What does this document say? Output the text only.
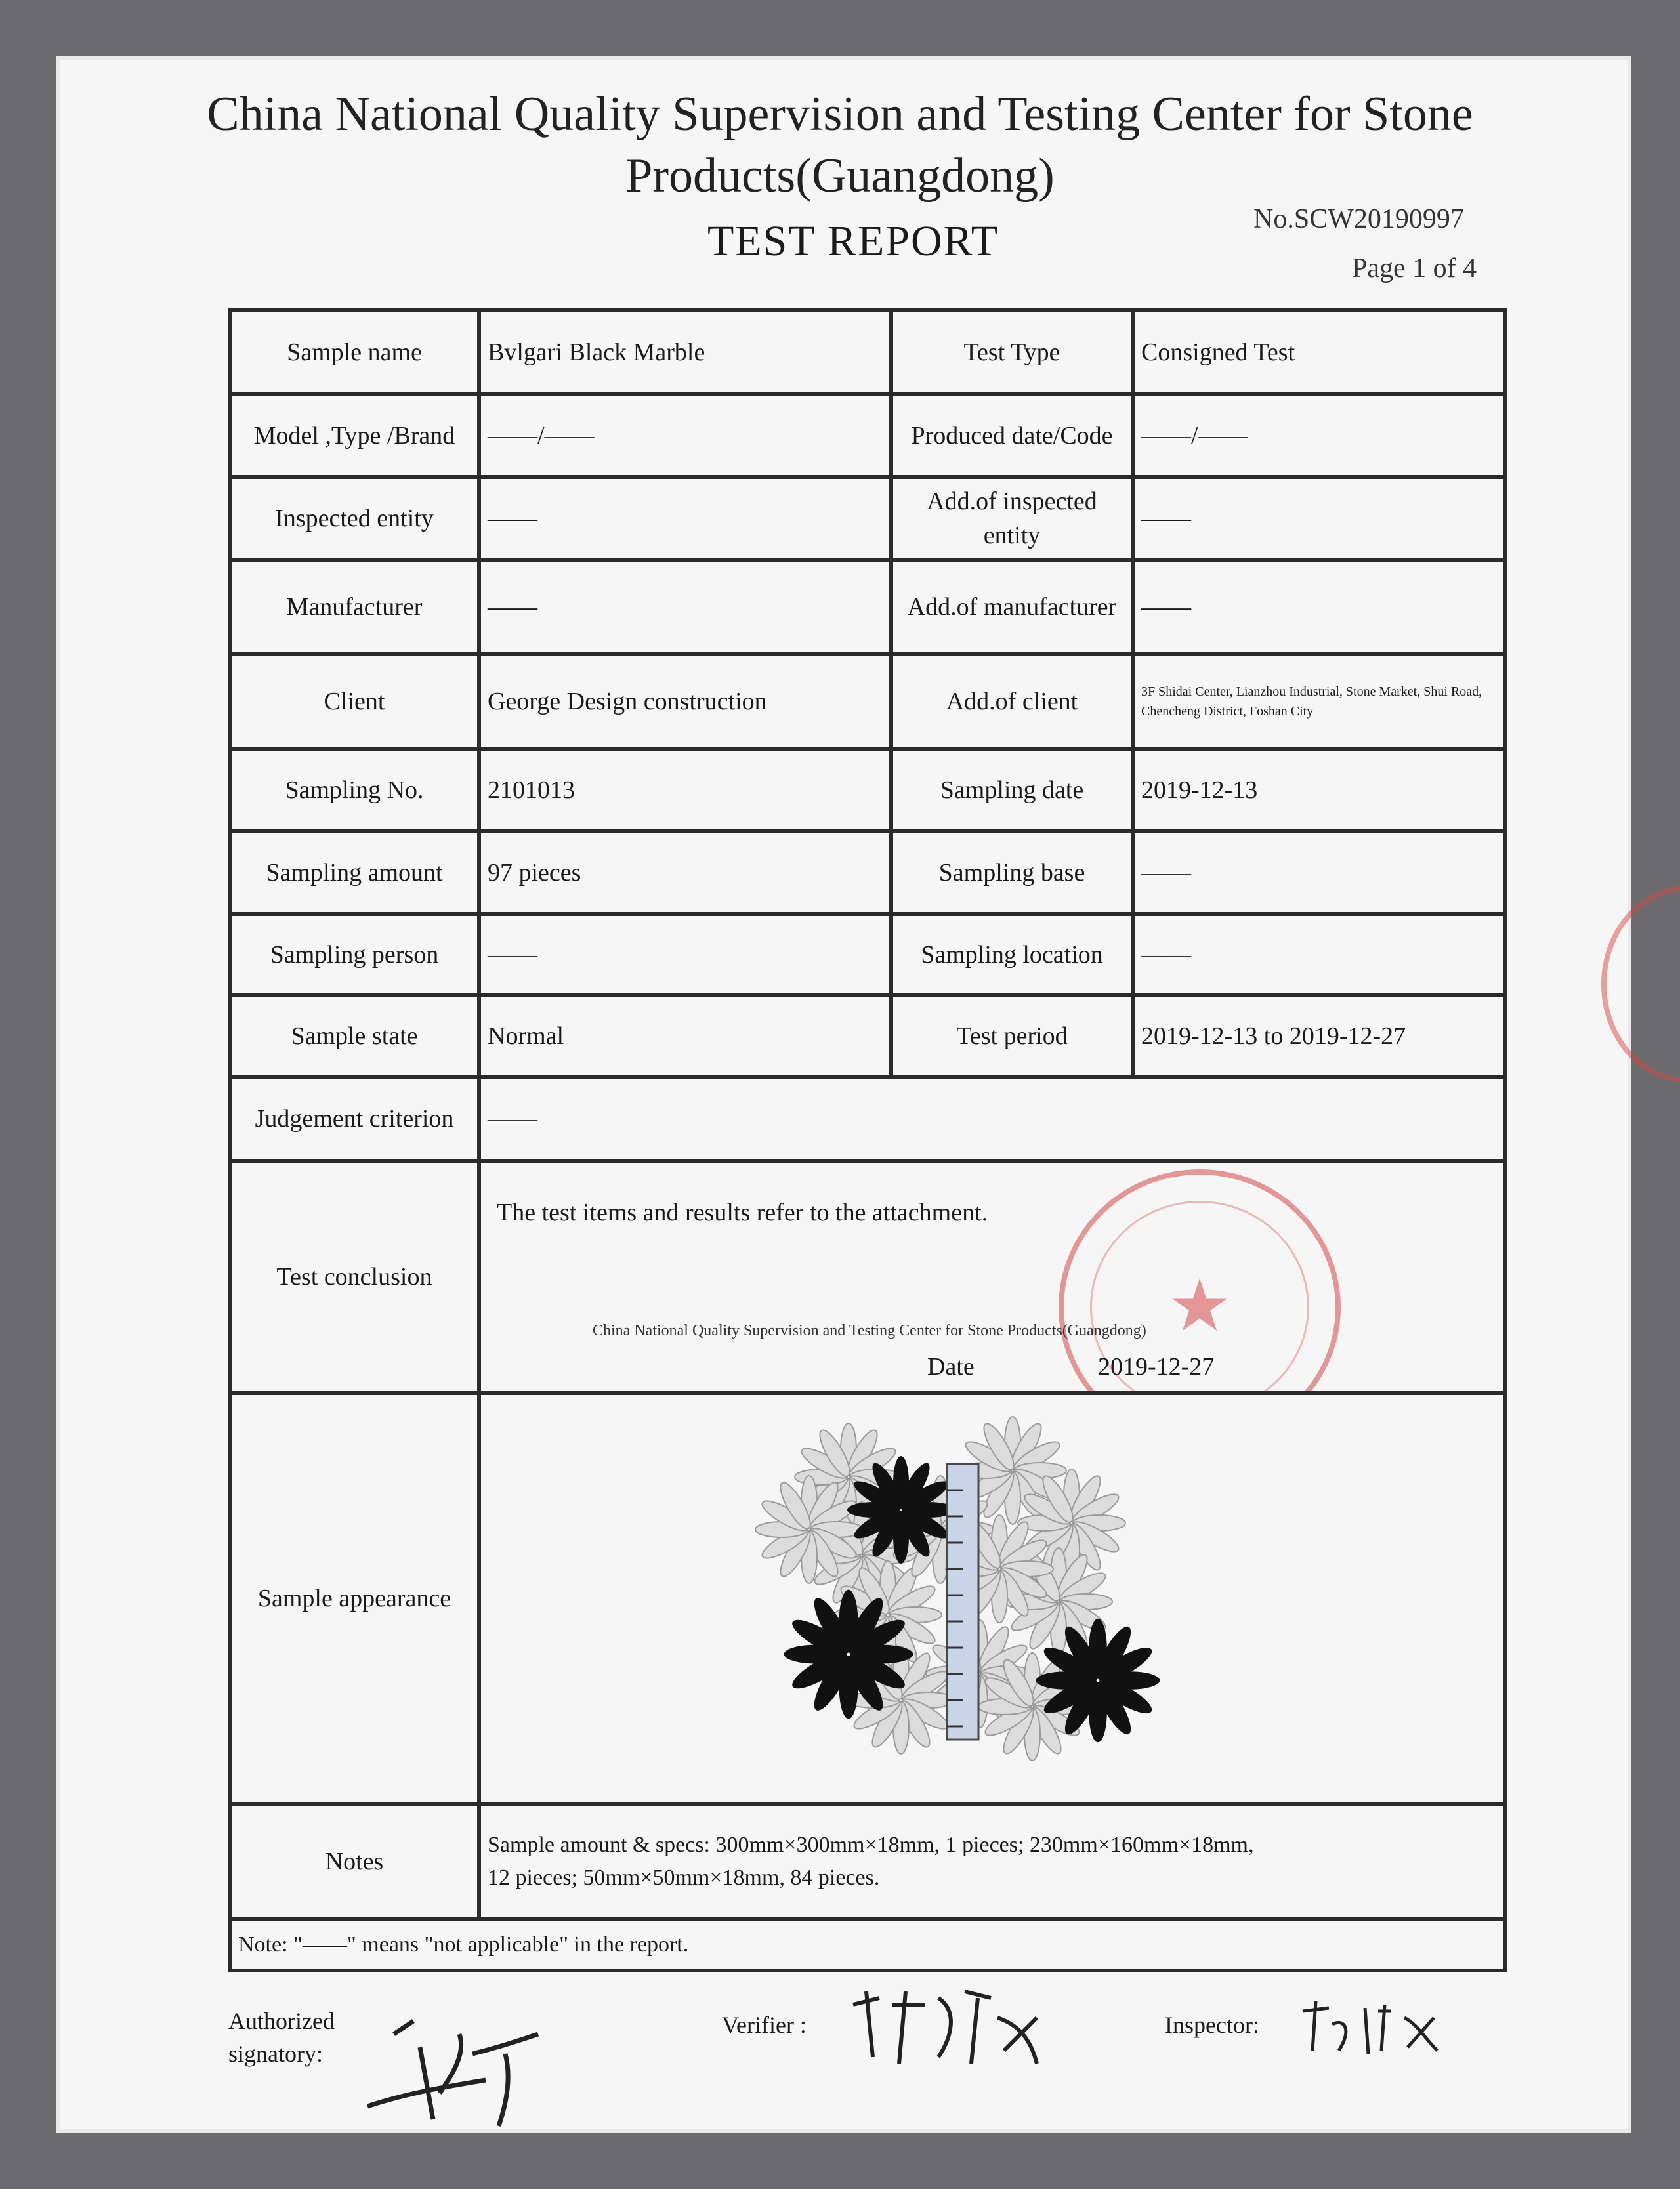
China National Quality Supervision and Testing Center for Stone
Products(Guangdong)
TEST REPORT	No.SCW20190997
Page 1 of 4
Sample name	Bvlgari Black Marble	Test Type	Consigned Test
Model ,Type /Brand	——/——	Produced date/Code	——/——
Inspected entity	——	Add.of inspected entity	——
Manufacturer	——	Add.of manufacturer	——
Client	George Design construction	Add.of client	3F Shidai Center, Lianzhou Industrial, Stone Market, Shui Road, Chencheng District, Foshan City
Sampling No.	2101013	Sampling date	2019-12-13
Sampling amount	97 pieces	Sampling base	——
Sampling person	——	Sampling location	——
Sample state	Normal	Test period	2019-12-13 to 2019-12-27
Judgement criterion	——		
Test conclusion	★
The test items and results refer to the attachment.
China National Quality Supervision and Testing Center for Stone Products(Guangdong)
Date 2019-12-27		

Sample appearance	

Notes	Sample amount & specs: 300mm×300mm×18mm, 1 pieces; 230mm×160mm×18mm,
12 pieces; 50mm×50mm×18mm, 84 pieces.		

Note: "——" means "not applicable" in the report.			
Authorized signatory:
Verifier :	Inspector:
